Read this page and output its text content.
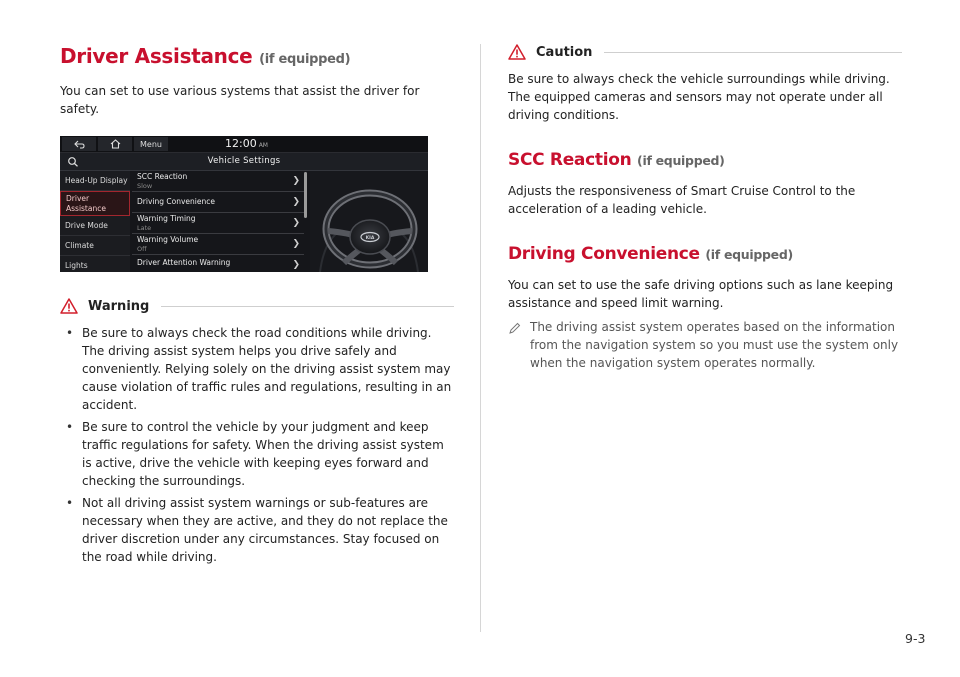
Driver Assistance (if equipped)

You can set to use various systems that assist the driver for safety.

Menu	12:00 AM
Vehicle Settings
Head-Up Display
Driver
Assistance
Drive Mode
Climate
Lights
SCC Reaction
Slow	❯
Driving Convenience	❯
Warning Timing
Late	❯
Warning Volume
Off	❯
Driver Attention Warning	❯
KIA
Warning
• Be sure to always check the road conditions while driving. The driving assist system helps you drive safely and conveniently. Relying solely on the driving assist system may cause violation of traffic rules and regulations, resulting in an accident.
• Be sure to control the vehicle by your judgment and keep traffic regulations for safety. When the driving assist system is active, drive the vehicle with keeping eyes forward and checking the surroundings.
• Not all driving assist system warnings or sub-features are necessary when they are active, and they do not replace the driver discretion under any circumstances. Stay focused on the road while driving.
Caution

Be sure to always check the vehicle surroundings while driving. The equipped cameras and sensors may not operate under all driving conditions.

SCC Reaction (if equipped)

Adjusts the responsiveness of Smart Cruise Control to the acceleration of a leading vehicle.

Driving Convenience (if equipped)

You can set to use the safe driving options such as lane keeping assistance and speed limit warning.

The driving assist system operates based on the information from the navigation system so you must use the system only when the navigation system operates normally.

9-3
